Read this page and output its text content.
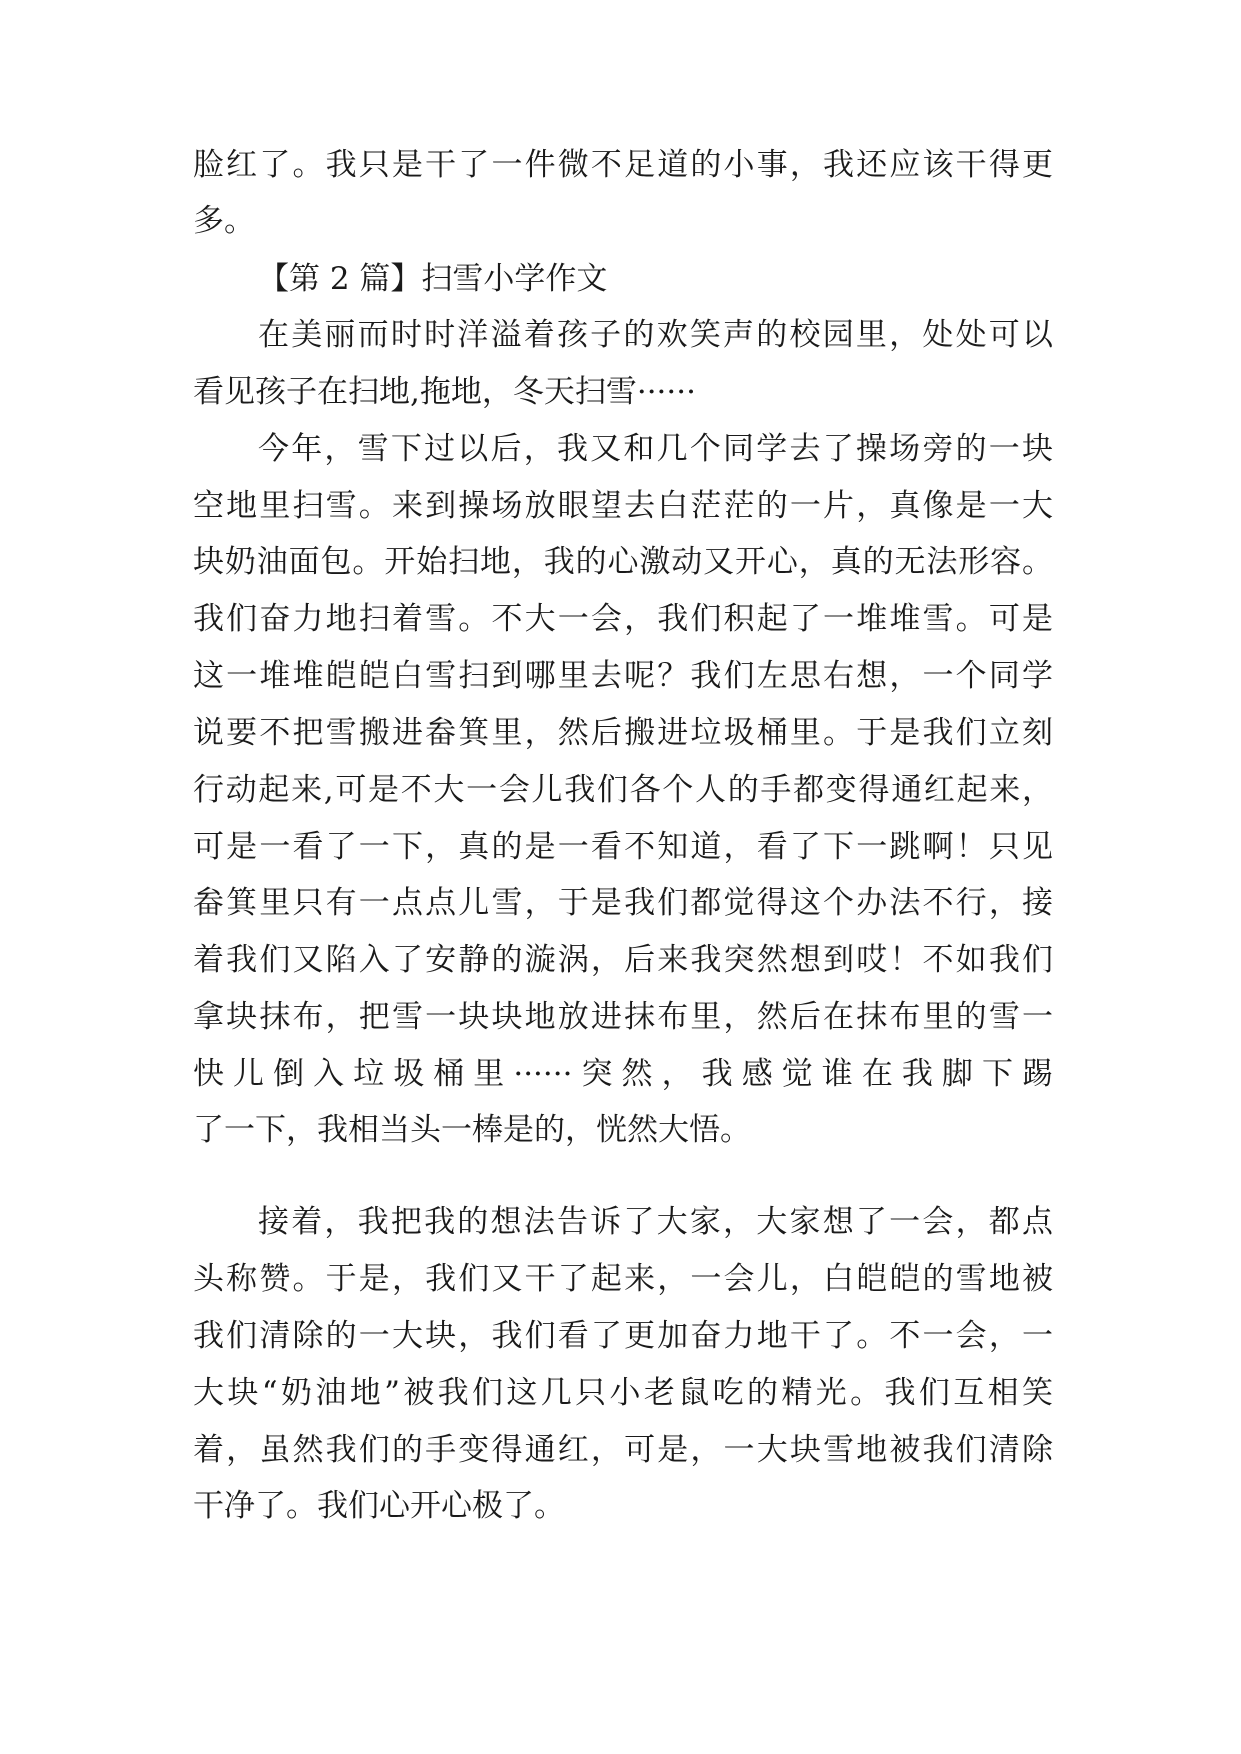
脸红了。我只是干了一件微不足道的小事，我还应该干得更
多。
【第 2 篇】扫雪小学作文
在美丽而时时洋溢着孩子的欢笑声的校园里，处处可以
看见孩子在扫地,拖地，冬天扫雪······
今年，雪下过以后，我又和几个同学去了操场旁的一块
空地里扫雪。来到操场放眼望去白茫茫的一片，真像是一大
块奶油面包。开始扫地，我的心激动又开心，真的无法形容。
我们奋力地扫着雪。不大一会，我们积起了一堆堆雪。可是
这一堆堆皑皑白雪扫到哪里去呢？我们左思右想，一个同学
说要不把雪搬进畚箕里，然后搬进垃圾桶里。于是我们立刻
行动起来,可是不大一会儿我们各个人的手都变得通红起来，
可是一看了一下，真的是一看不知道，看了下一跳啊！只见
畚箕里只有一点点儿雪，于是我们都觉得这个办法不行，接
着我们又陷入了安静的漩涡，后来我突然想到哎！不如我们
拿块抹布，把雪一块块地放进抹布里，然后在抹布里的雪一
快儿倒入垃圾桶里······突然，我感觉谁在我脚下踢
了一下，我相当头一棒是的，恍然大悟。
接着，我把我的想法告诉了大家，大家想了一会，都点
头称赞。于是，我们又干了起来，一会儿，白皑皑的雪地被
我们清除的一大块，我们看了更加奋力地干了。不一会，一
大块“奶油地”被我们这几只小老鼠吃的精光。我们互相笑
着，虽然我们的手变得通红，可是，一大块雪地被我们清除
干净了。我们心开心极了。
